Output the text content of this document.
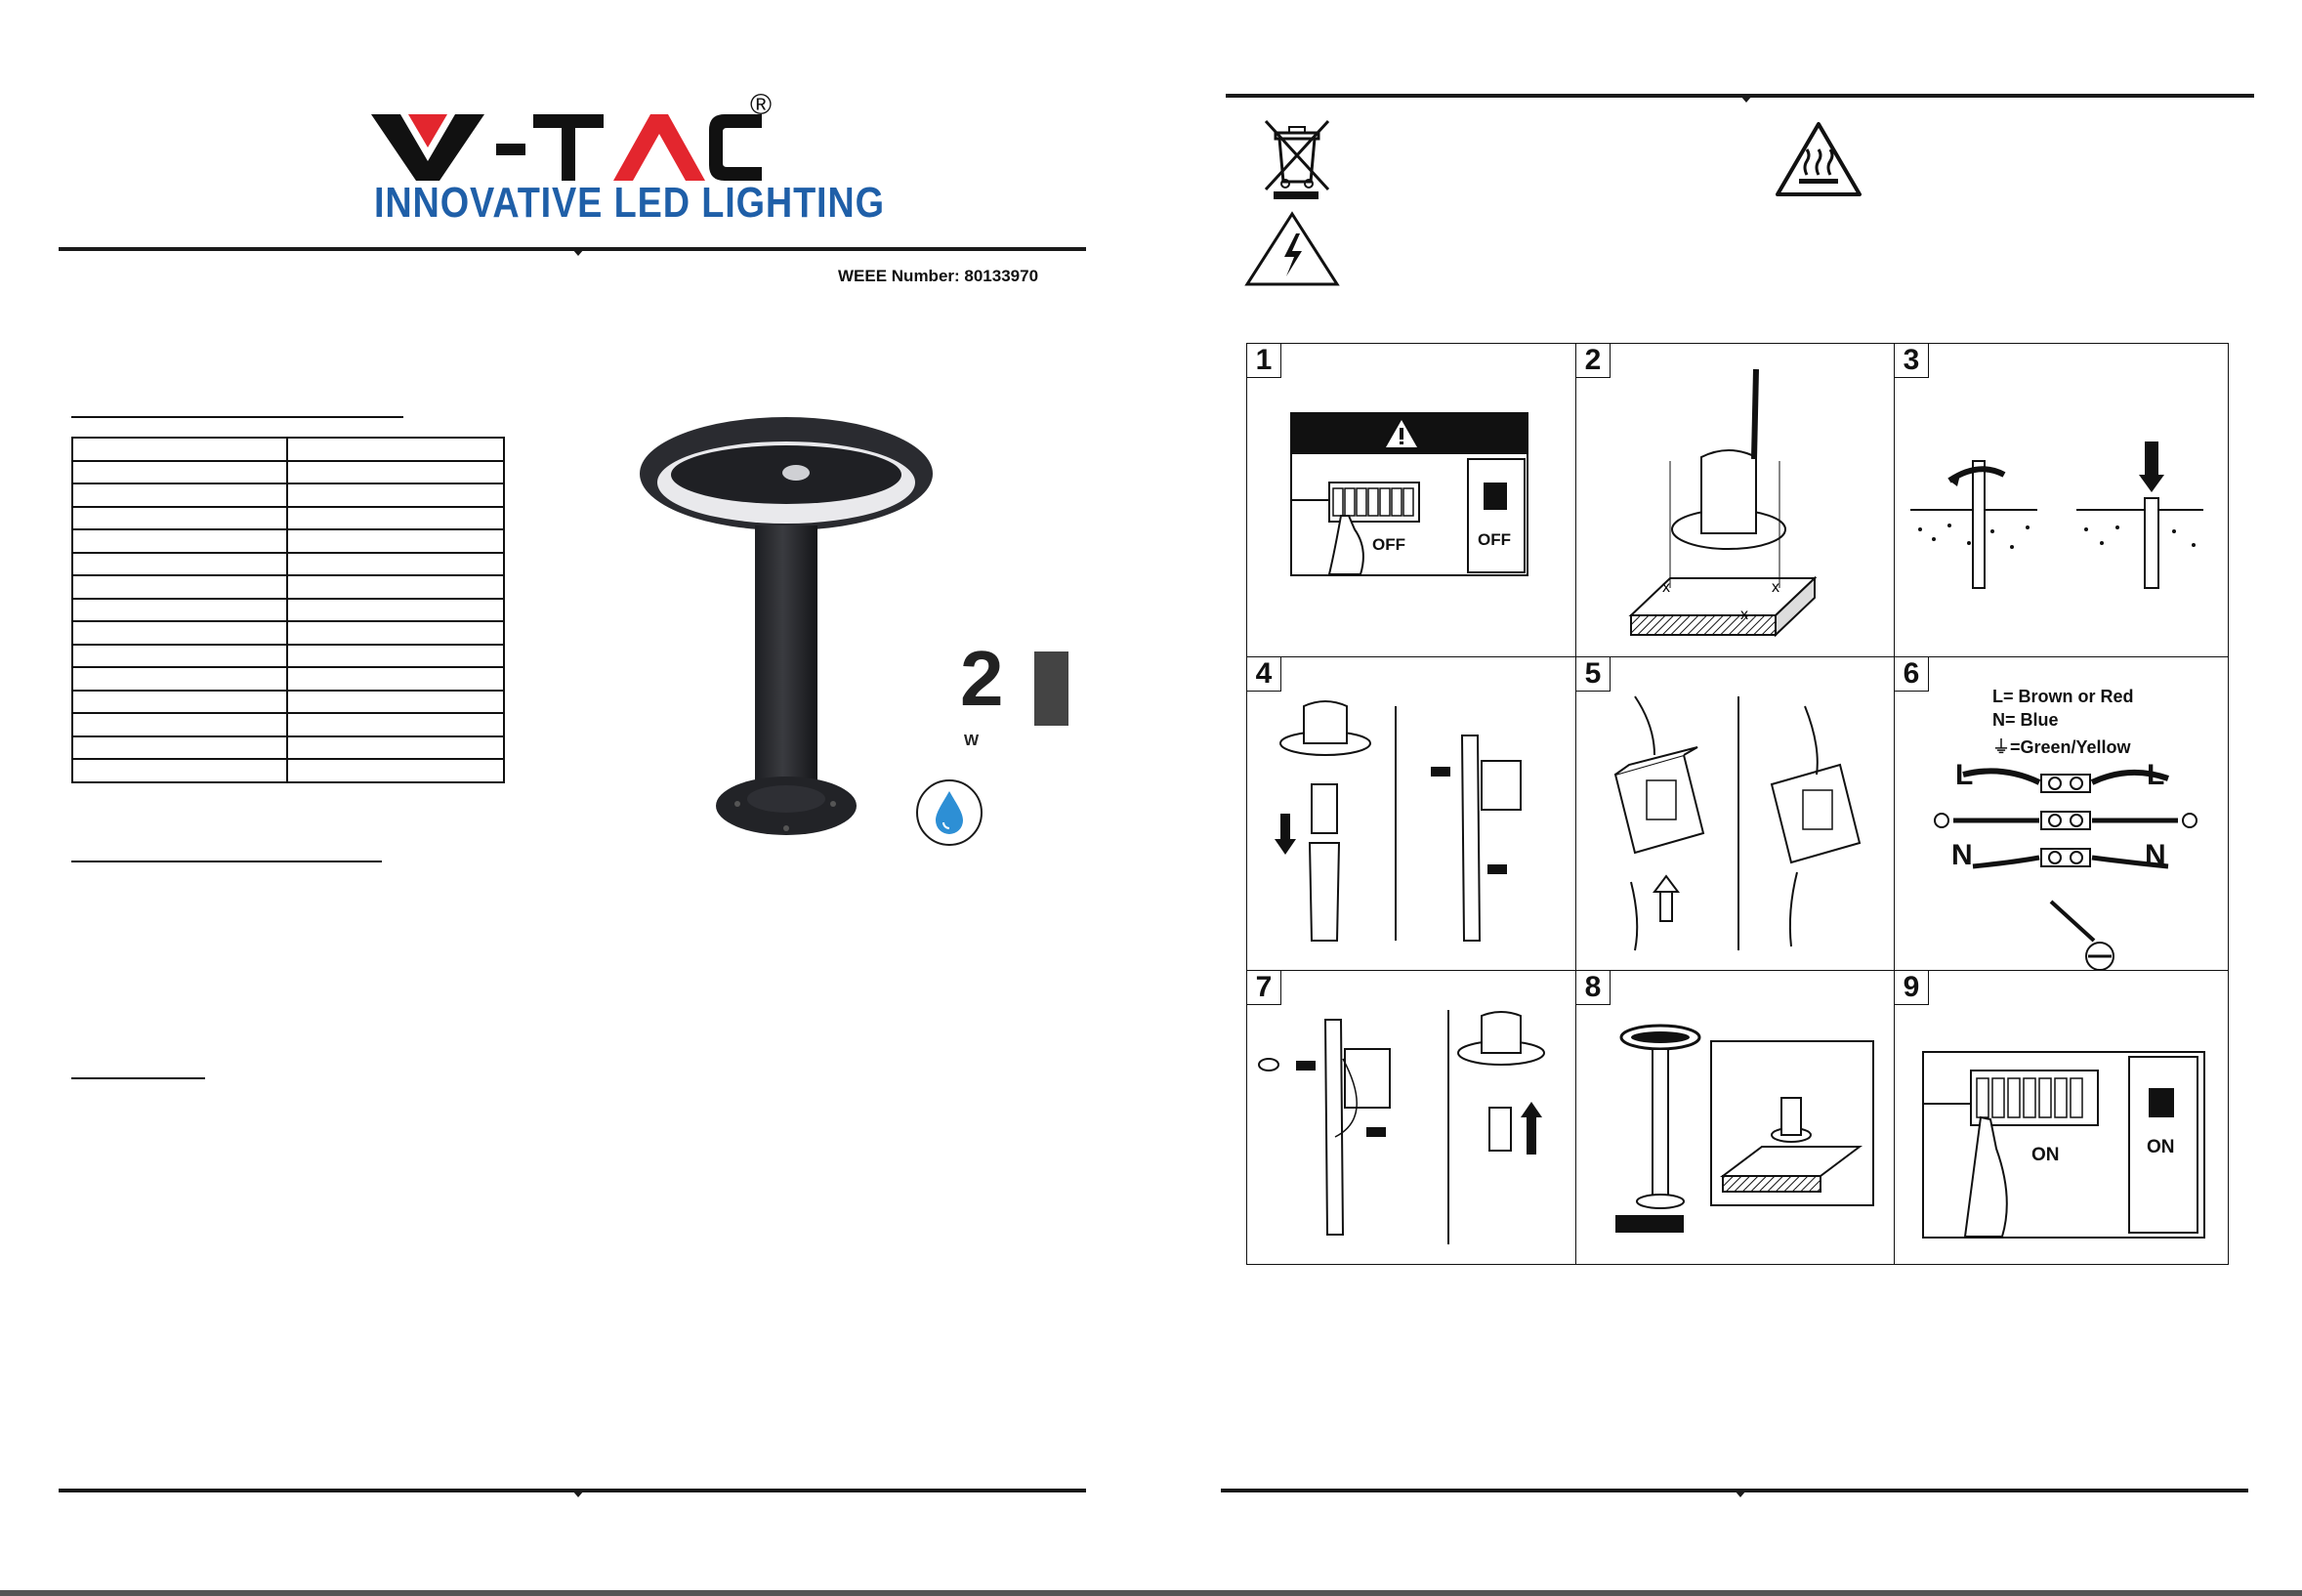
®
INNOVATIVE LED LIGHTING
WEEE Number: 80133970

2
W
1
OFF	OFF
2
x	x
x
3
4	5	6
L= Brown or Red
N= Blue
⏚=Green/Yellow
L	L
N	N
7	8	9
ON	ON
